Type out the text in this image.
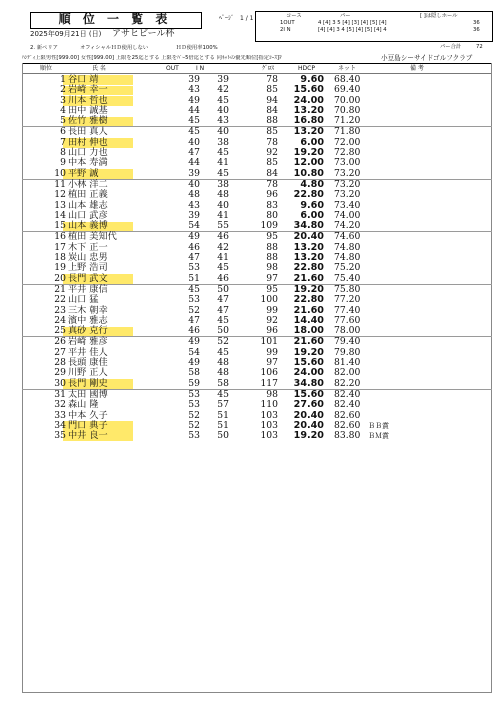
順 位 一 覧 表	ﾍﾟｰｼﾞ 1 / 1
2025年09月21日 (日) アサヒビール杯
2. 新ペリア	オフィシャルＨＤ使用しない	ＨＤ使用率100%
ﾊﾝﾃﾞｨ上限男性[999.00] 女性[999.00] 上限を25迄とする 上限をﾊﾟｰ5倍迄とする 同ﾈｯﾄの優先順位[指定ｺｰｽ]ｦ	小豆島シーサイドゴルフクラブ
コース	パー	[ ]は隠しホール
1OUT	4 [4] 3 5 [4] [3] [4] [5] [4]	36
2I N	[4] [4] 3 4 [5] [4] [5] [4] 4	36
パー合計	72
順位	氏 名	OUT	I N	ｸﾞﾛｽ	HDCP	ネット	備 考
1 谷口 靖	39	39	78	9.60 68.40
2 岩崎 幸一	43	42	85	15.60 69.40
3 川本 哲也	49	45	94	24.00 70.00
4 田中 誠基	44	40	84	13.20 70.80
5 佐竹 雅樹	45	43	88	16.80 71.20
6 長田 真人	45	40	85	13.20 71.80
7 田村 伸也	40	38	78	6.00 72.00
8 山口 力也	47	45	92	19.20 72.80
9 中本 寿満	44	41	85	12.00 73.00
10 平野 誠	39	45	84	10.80 73.20
11 小林 洋二	40	38	78	4.80 73.20
12 植田 正義	48	48	96	22.80 73.20
13 山本 雄志	43	40	83	9.60 73.40
14 山口 武彦	39	41	80	6.00 74.00
15 山本 義博	54	55	109	34.80 74.20
16 植田 美知代	49	46	95	20.40 74.60
17 木下 正一	46	42	88	13.20 74.80
18 炭山 忠男	47	41	88	13.20 74.80
19 上野 浩司	53	45	98	22.80 75.20
20 長門 武文	51	46	97	21.60 75.40
21 平井 康信	45	50	95	19.20 75.80
22 山口 猛	53	47	100	22.80 77.20
23 三木 朝幸	52	47	99	21.60 77.40
24 濱中 雅志	47	45	92	14.40 77.60
25 真砂 克行	46	50	96	18.00 78.00
26 岩崎 雅彦	49	52	101	21.60 79.40
27 平井 佳人	54	45	99	19.20 79.80
28 長頭 康佳	49	48	97	15.60 81.40
29 川野 正人	58	48	106	24.00 82.00
30 長門 剛史	59	58	117	34.80 82.20
31 太田 國博	53	45	98	15.60 82.40
32 森山 隆	53	57	110	27.60 82.40
33 中本 久子	52	51	103	20.40 82.60
34 門口 典子	52	51	103	20.40 82.60	ＢＢ賞
35 中井 良一	53	50	103	19.20 83.80	ＢＭ賞
